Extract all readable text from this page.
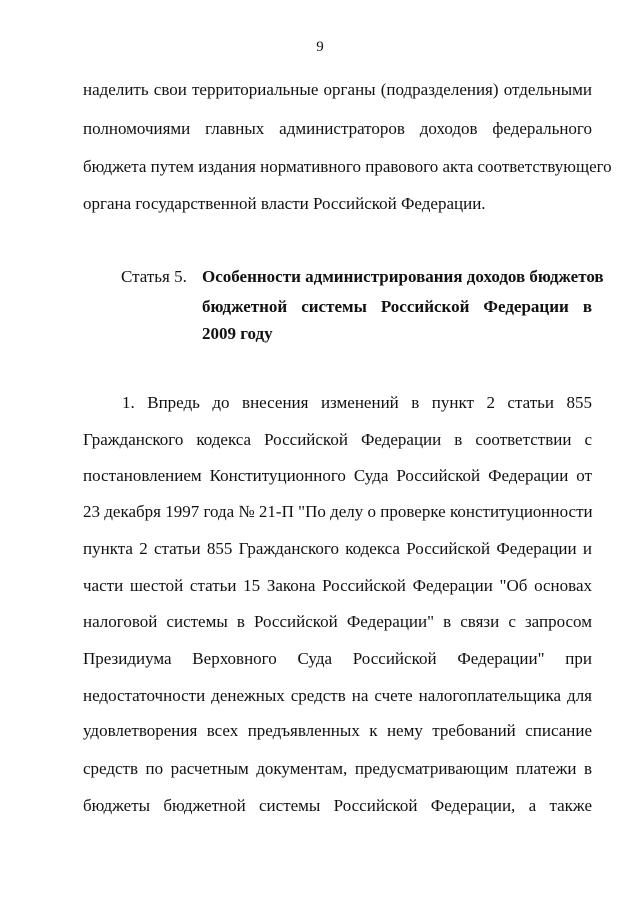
9
наделить свои территориальные органы (подразделения) отдельными
полномочиями главных администраторов доходов федерального
бюджета путем издания нормативного правового акта соответствующего
органа государственной власти Российской Федерации.
Статья 5. Особенности администрирования доходов бюджетов
бюджетной системы Российской Федерации в
2009 году
1. Впредь до внесения изменений в пункт 2 статьи 855
Гражданского кодекса Российской Федерации в соответствии с
постановлением Конституционного Суда Российской Федерации от
23 декабря 1997 года № 21-П "По делу о проверке конституционности
пункта 2 статьи 855 Гражданского кодекса Российской Федерации и
части шестой статьи 15 Закона Российской Федерации "Об основах
налоговой системы в Российской Федерации" в связи с запросом
Президиума Верховного Суда Российской Федерации" при
недостаточности денежных средств на счете налогоплательщика для
удовлетворения всех предъявленных к нему требований списание
средств по расчетным документам, предусматривающим платежи в
бюджеты бюджетной системы Российской Федерации, а также
